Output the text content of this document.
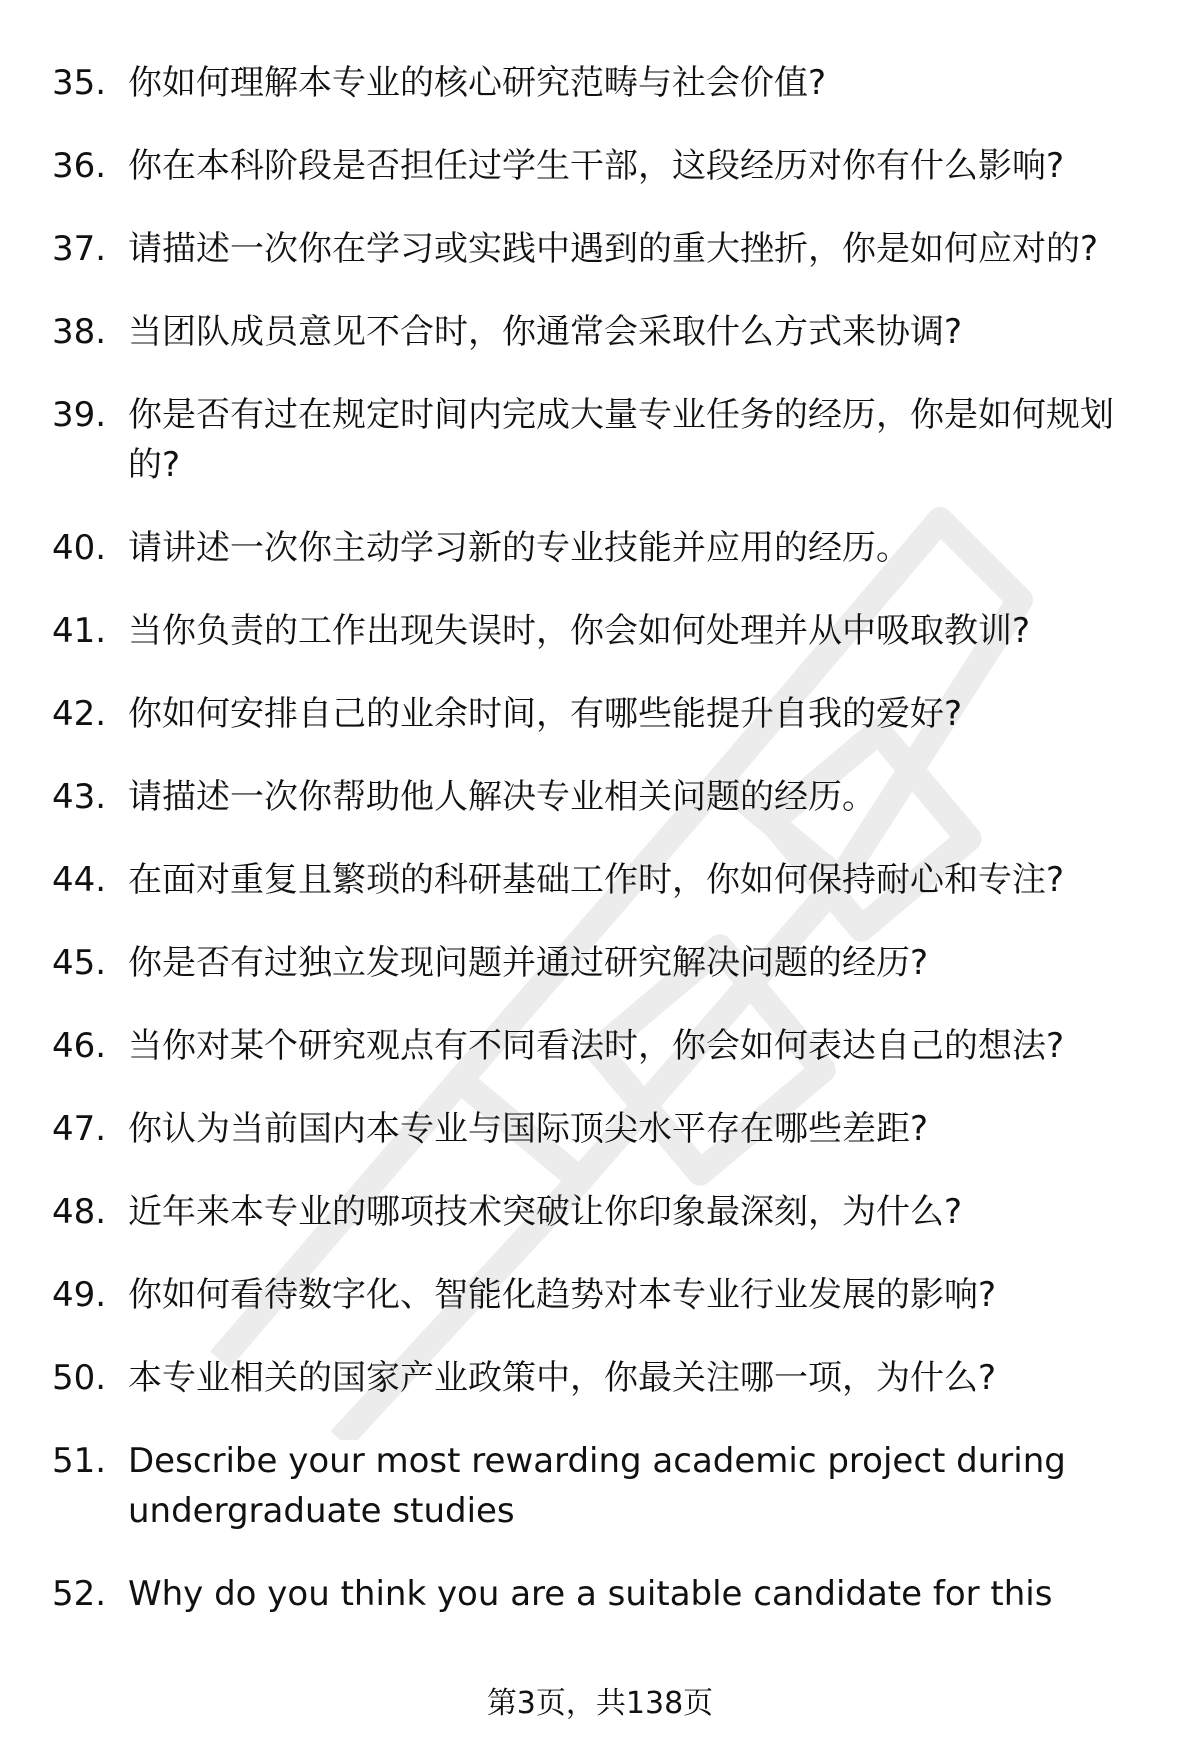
35. 你如何理解本专业的核心研究范畴与社会价值?
36. 你在本科阶段是否担任过学生干部，这段经历对你有什么影响?
37. 请描述一次你在学习或实践中遇到的重大挫折，你是如何应对的?
38. 当团队成员意见不合时，你通常会采取什么方式来协调?
39. 你是否有过在规定时间内完成大量专业任务的经历，你是如何规划的?
40. 请讲述一次你主动学习新的专业技能并应用的经历。
41. 当你负责的工作出现失误时，你会如何处理并从中吸取教训?
42. 你如何安排自己的业余时间，有哪些能提升自我的爱好?
43. 请描述一次你帮助他人解决专业相关问题的经历。
44. 在面对重复且繁琐的科研基础工作时，你如何保持耐心和专注?
45. 你是否有过独立发现问题并通过研究解决问题的经历?
46. 当你对某个研究观点有不同看法时，你会如何表达自己的想法?
47. 你认为当前国内本专业与国际顶尖水平存在哪些差距?
48. 近年来本专业的哪项技术突破让你印象最深刻，为什么?
49. 你如何看待数字化、智能化趋势对本专业行业发展的影响?
50. 本专业相关的国家产业政策中，你最关注哪一项，为什么?
51. Describe your most rewarding academic project during undergraduate studies
52. Why do you think you are a suitable candidate for this
第3页，共138页
